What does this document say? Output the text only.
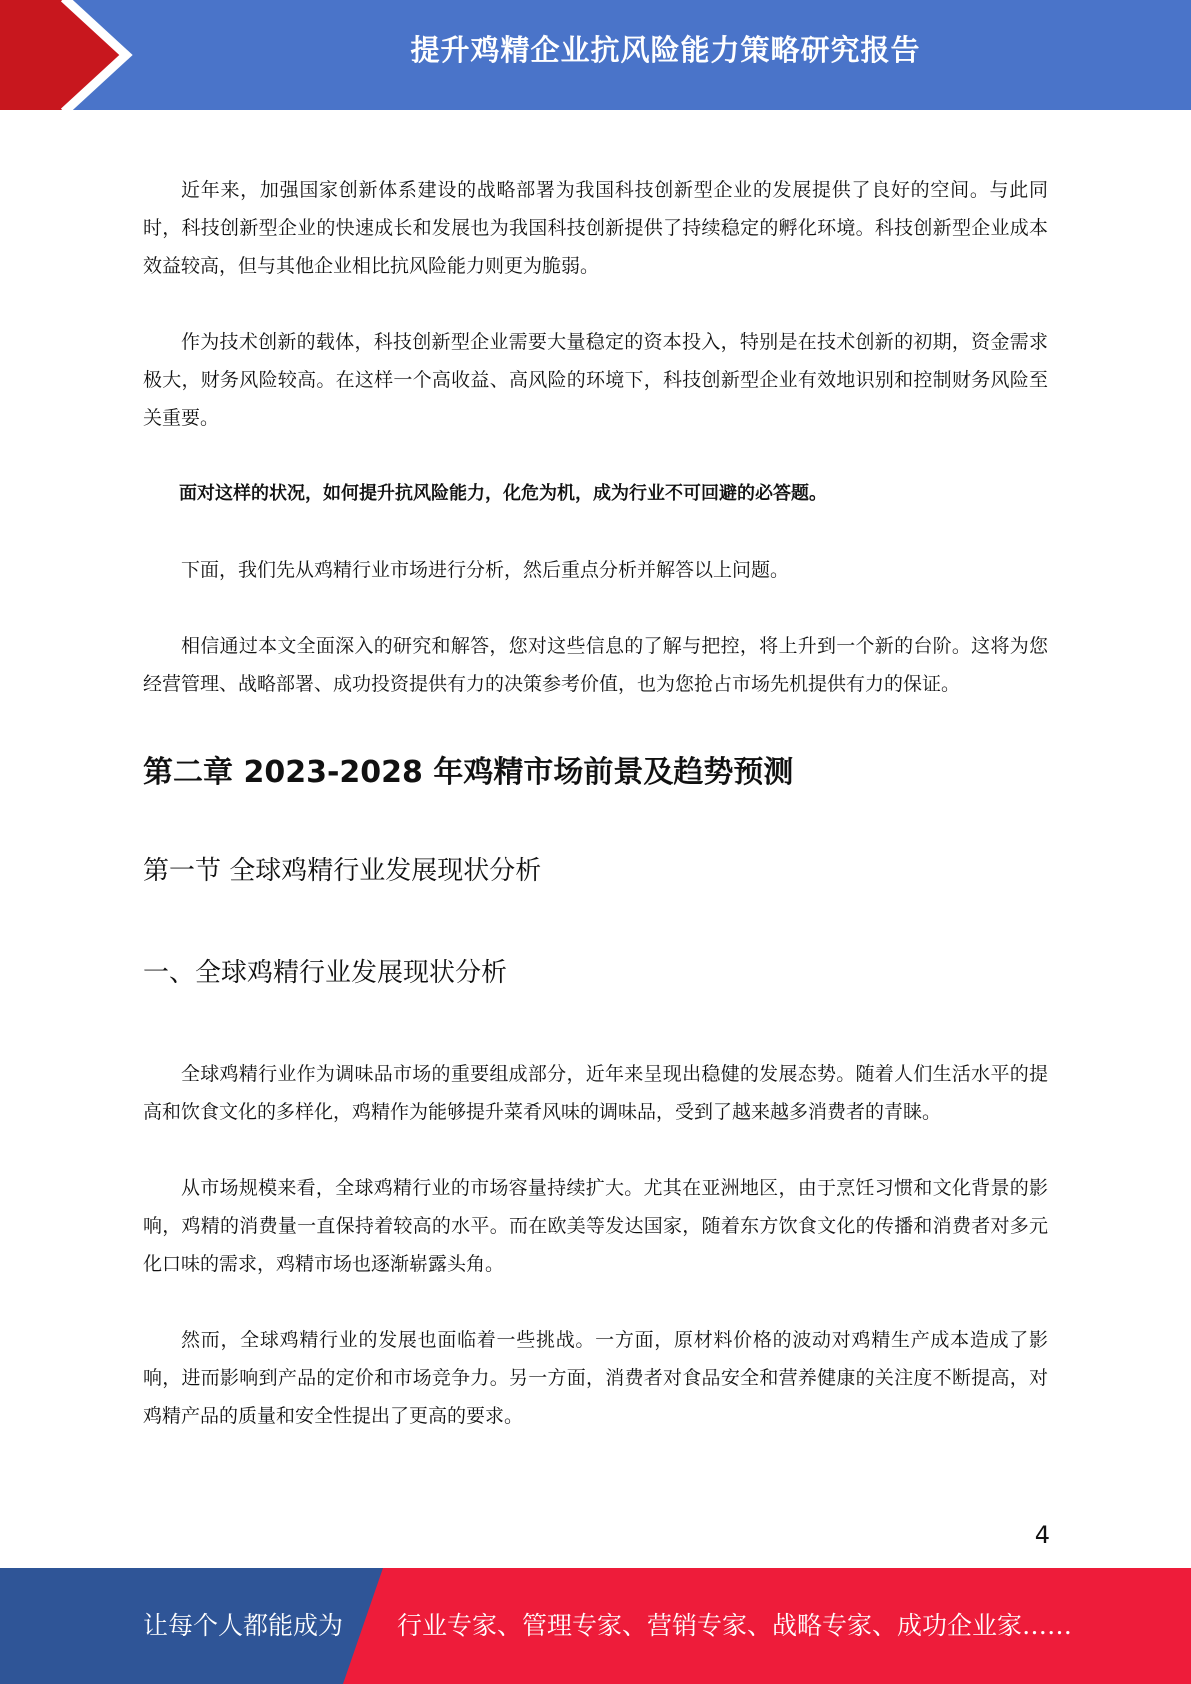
提升鸡精企业抗风险能力策略研究报告

近年来，加强国家创新体系建设的战略部署为我国科技创新型企业的发展提供了良好的空间。与此同时，科技创新型企业的快速成长和发展也为我国科技创新提供了持续稳定的孵化环境。科技创新型企业成本效益较高，但与其他企业相比抗风险能力则更为脆弱。

作为技术创新的载体，科技创新型企业需要大量稳定的资本投入，特别是在技术创新的初期，资金需求极大，财务风险较高。在这样一个高收益、高风险的环境下，科技创新型企业有效地识别和控制财务风险至关重要。

面对这样的状况，如何提升抗风险能力，化危为机，成为行业不可回避的必答题。

下面，我们先从鸡精行业市场进行分析，然后重点分析并解答以上问题。

相信通过本文全面深入的研究和解答，您对这些信息的了解与把控，将上升到一个新的台阶。这将为您经营管理、战略部署、成功投资提供有力的决策参考价值，也为您抢占市场先机提供有力的保证。

第二章 2023-2028 年鸡精市场前景及趋势预测
第一节 全球鸡精行业发展现状分析
一、全球鸡精行业发展现状分析

全球鸡精行业作为调味品市场的重要组成部分，近年来呈现出稳健的发展态势。随着人们生活水平的提高和饮食文化的多样化，鸡精作为能够提升菜肴风味的调味品，受到了越来越多消费者的青睐。

从市场规模来看，全球鸡精行业的市场容量持续扩大。尤其在亚洲地区，由于烹饪习惯和文化背景的影响，鸡精的消费量一直保持着较高的水平。而在欧美等发达国家，随着东方饮食文化的传播和消费者对多元化口味的需求，鸡精市场也逐渐崭露头角。

然而，全球鸡精行业的发展也面临着一些挑战。一方面，原材料价格的波动对鸡精生产成本造成了影响，进而影响到产品的定价和市场竞争力。另一方面，消费者对食品安全和营养健康的关注度不断提高，对鸡精产品的质量和安全性提出了更高的要求。

4
让每个人都能成为 行业专家、管理专家、营销专家、战略专家、成功企业家……
